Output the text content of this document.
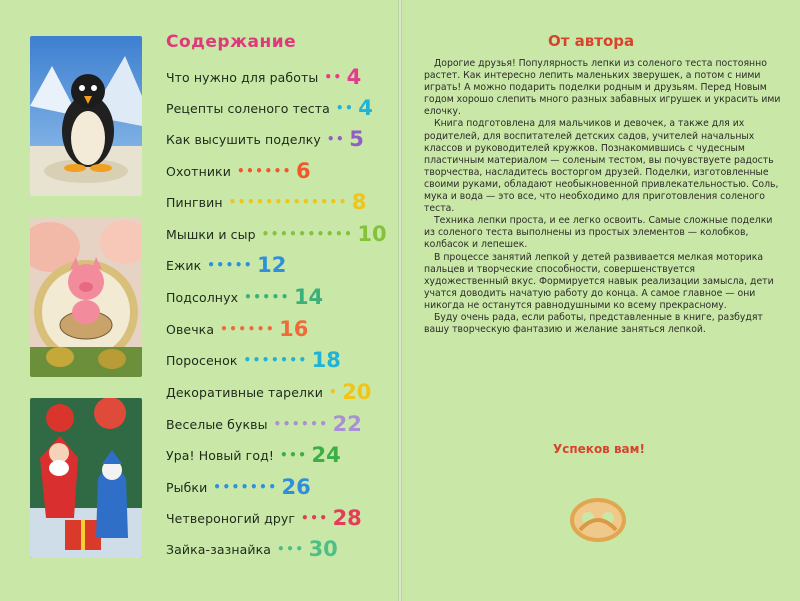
Содержание
Что нужно для работы •• 4
Рецепты соленого теста •• 4
Как высушить поделку •• 5
Охотники •••••• 6
Пингвин ••••••••••••• 8
Мышки и сыр •••••••••• 10
Ежик ••••• 12
Подсолнух ••••• 14
Овечка •••••• 16
Поросенок ••••••• 18
Декоративные тарелки • 20
Веселые буквы •••••• 22
Ура! Новый год! ••• 24
Рыбки ••••••• 26
Четвероногий друг ••• 28
Зайка-зазнайка ••• 30
От автора

Дорогие друзья! Популярность лепки из соленого теста постоянно растет. Как интересно лепить маленьких зверушек, а потом с ними играть! А можно подарить поделки родным и друзьям. Перед Новым годом хорошо слепить много разных забавных игрушек и украсить ими елочку.

Книга подготовлена для мальчиков и девочек, а также для их родителей, для воспитателей детских садов, учителей начальных классов и руководителей кружков. Познакомившись с чудесным пластичным материалом — соленым тестом, вы почувствуете радость творчества, насладитесь восторгом друзей. Поделки, изготовленные своими руками, обладают необыкновенной привлекательностью. Соль, мука и вода — это все, что необходимо для приготовления соленого теста.

Техника лепки проста, и ее легко освоить. Самые сложные поделки из соленого теста выполнены из простых элементов — колобков, колбасок и лепешек.

В процессе занятий лепкой у детей развивается мелкая моторика пальцев и творческие способности, совершенствуется художественный вкус. Формируется навык реализации замысла, дети учатся доводить начатую работу до конца. А самое главное — они никогда не останутся равнодушными ко всему прекрасному.

Буду очень рада, если работы, представленные в книге, разбудят вашу творческую фантазию и желание заняться лепкой.

Успеков вам!
